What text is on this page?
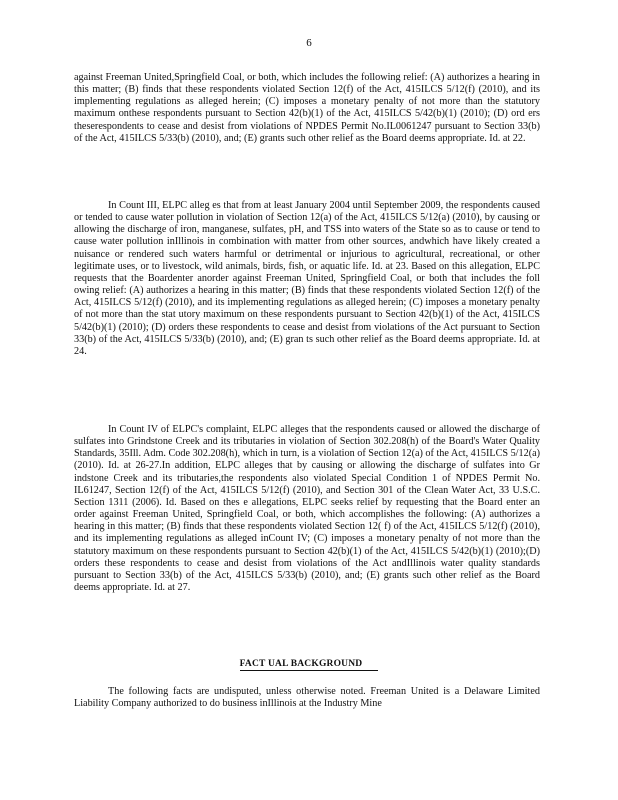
6

against Freeman United,Springfield Coal, or both, which includes the following relief: (A) authorizes a hearing in this matter; (B) finds that these respondents violated Section 12(f) of the Act, 415ILCS 5/12(f) (2010), and its implementing regulations as alleged herein; (C) imposes a monetary penalty of not more than the statutory maximum onthese respondents pursuant to Section 42(b)(1) of the Act, 415ILCS 5/42(b)(1) (2010); (D) ord ers theserespondents to cease and desist from violations of NPDES Permit No.IL0061247 pursuant to Section 33(b) of the Act, 415ILCS 5/33(b) (2010), and; (E) grants such other relief as the Board deems appropriate. Id. at 22.

In Count III, ELPC alleg es that from at least January 2004 until September 2009, the respondents caused or tended to cause water pollution in violation of Section 12(a) of the Act, 415ILCS 5/12(a) (2010), by causing or allowing the discharge of iron, manganese, sulfates, pH, and TSS into waters of the State so as to cause or tend to cause water pollution inIllinois in combination with matter from other sources, andwhich have likely created a nuisance or rendered such waters harmful or detrimental or injurious to agricultural, recreational, or other legitimate uses, or to livestock, wild animals, birds, fish, or aquatic life. Id. at 23. Based on this allegation, ELPC requests that the Boardenter anorder against Freeman United, Springfield Coal, or both that includes the foll owing relief: (A) authorizes a hearing in this matter; (B) finds that these respondents violated Section 12(f) of the Act, 415ILCS 5/12(f) (2010), and its implementing regulations as alleged herein; (C) imposes a monetary penalty of not more than the stat utory maximum on these respondents pursuant to Section 42(b)(1) of the Act, 415ILCS 5/42(b)(1) (2010); (D) orders these respondents to cease and desist from violations of the Act pursuant to Section 33(b) of the Act, 415ILCS 5/33(b) (2010), and; (E) gran ts such other relief as the Board deems appropriate. Id. at 24.

In Count IV of ELPC's complaint, ELPC alleges that the respondents caused or allowed the discharge of sulfates into Grindstone Creek and its tributaries in violation of Section 302.208(h) of the Board's Water Quality Standards, 35Ill. Adm. Code 302.208(h), which in turn, is a violation of Section 12(a) of the Act, 415ILCS 5/12(a) (2010). Id. at 26-27.In addition, ELPC alleges that by causing or allowing the discharge of sulfates into Gr indstone Creek and its tributaries,the respondents also violated Special Condition 1 of NPDES Permit No. IL61247, Section 12(f) of the Act, 415ILCS 5/12(f) (2010), and Section 301 of the Clean Water Act, 33 U.S.C. Section 1311 (2006). Id. Based on thes e allegations, ELPC seeks relief by requesting that the Board enter an order against Freeman United, Springfield Coal, or both, which accomplishes the following: (A) authorizes a hearing in this matter; (B) finds that these respondents violated Section 12( f) of the Act, 415ILCS 5/12(f) (2010), and its implementing regulations as alleged inCount IV; (C) imposes a monetary penalty of not more than the statutory maximum on these respondents pursuant to Section 42(b)(1) of the Act, 415ILCS 5/42(b)(1) (2010);(D) orders these respondents to cease and desist from violations of the Act andIllinois water quality standards pursuant to Section 33(b) of the Act, 415ILCS 5/33(b) (2010), and; (E) grants such other relief as the Board deems appropriate. Id. at 27.

FACT UAL BACKGROUND

The following facts are undisputed, unless otherwise noted. Freeman United is a Delaware Limited Liability Company authorized to do business inIllinois at the Industry Mine
